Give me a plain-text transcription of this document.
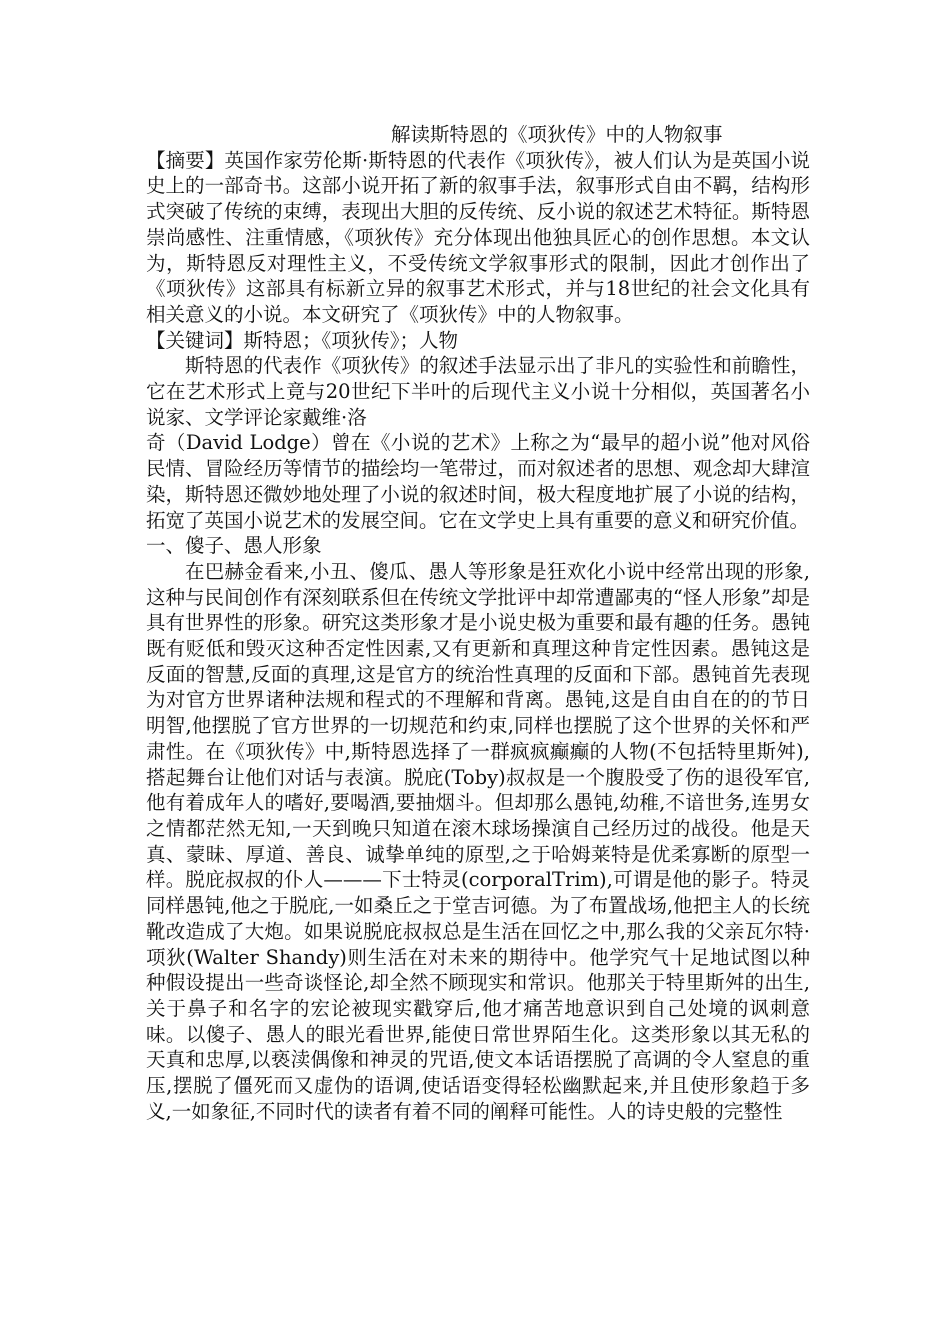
解读斯特恩的《项狄传》中的人物叙事

【摘要】英国作家劳伦斯·斯特恩的代表作《项狄传》，被人们认为是英国小说史上的一部奇书。这部小说开拓了新的叙事手法，叙事形式自由不羁，结构形式突破了传统的束缚，表现出大胆的反传统、反小说的叙述艺术特征。斯特恩崇尚感性、注重情感，《项狄传》充分体现出他独具匠心的创作思想。本文认为，斯特恩反对理性主义，不受传统文学叙事形式的限制，因此才创作出了《项狄传》这部具有标新立异的叙事艺术形式，并与18世纪的社会文化具有相关意义的小说。本文研究了《项狄传》中的人物叙事。

【关键词】斯特恩；《项狄传》；人物

斯特恩的代表作《项狄传》的叙述手法显示出了非凡的实验性和前瞻性，它在艺术形式上竟与20世纪下半叶的后现代主义小说十分相似，英国著名小说家、文学评论家戴维·洛

奇（David Lodge）曾在《小说的艺术》上称之为“最早的超小说”他对风俗民情、冒险经历等情节的描绘均一笔带过，而对叙述者的思想、观念却大肆渲染，斯特恩还微妙地处理了小说的叙述时间，极大程度地扩展了小说的结构，拓宽了英国小说艺术的发展空间。它在文学史上具有重要的意义和研究价值。

一、傻子、愚人形象

在巴赫金看来,小丑、傻瓜、愚人等形象是狂欢化小说中经常出现的形象,这种与民间创作有深刻联系但在传统文学批评中却常遭鄙夷的“怪人形象”却是具有世界性的形象。研究这类形象才是小说史极为重要和最有趣的任务。愚钝既有贬低和毁灭这种否定性因素,又有更新和真理这种肯定性因素。愚钝这是反面的智慧,反面的真理,这是官方的统治性真理的反面和下部。愚钝首先表现为对官方世界诸种法规和程式的不理解和背离。愚钝,这是自由自在的的节日明智,他摆脱了官方世界的一切规范和约束,同样也摆脱了这个世界的关怀和严肃性。在《项狄传》中,斯特恩选择了一群疯疯癫癫的人物(不包括特里斯舛),搭起舞台让他们对话与表演。脱庇(Toby)叔叔是一个腹股受了伤的退役军官,他有着成年人的嗜好,要喝酒,要抽烟斗。但却那么愚钝,幼稚,不谙世务,连男女之情都茫然无知,一天到晚只知道在滚木球场操演自己经历过的战役。他是天真、蒙昧、厚道、善良、诚挚单纯的原型,之于哈姆莱特是优柔寡断的原型一样。脱庇叔叔的仆人———下士特灵(corporalTrim),可谓是他的影子。特灵同样愚钝,他之于脱庇,一如桑丘之于堂吉诃德。为了布置战场,他把主人的长统靴改造成了大炮。如果说脱庇叔叔总是生活在回忆之中,那么我的父亲瓦尔特·项狄(Walter Shandy)则生活在对未来的期待中。他学究气十足地试图以种种假设提出一些奇谈怪论,却全然不顾现实和常识。他那关于特里斯舛的出生,关于鼻子和名字的宏论被现实戳穿后,他才痛苦地意识到自己处境的讽刺意味。以傻子、愚人的眼光看世界,能使日常世界陌生化。这类形象以其无私的天真和忠厚,以亵渎偶像和神灵的咒语,使文本话语摆脱了高调的令人窒息的重压,摆脱了僵死而又虚伪的语调,使话语变得轻松幽默起来,并且使形象趋于多义,一如象征,不同时代的读者有着不同的阐释可能性。人的诗史般的完整性
